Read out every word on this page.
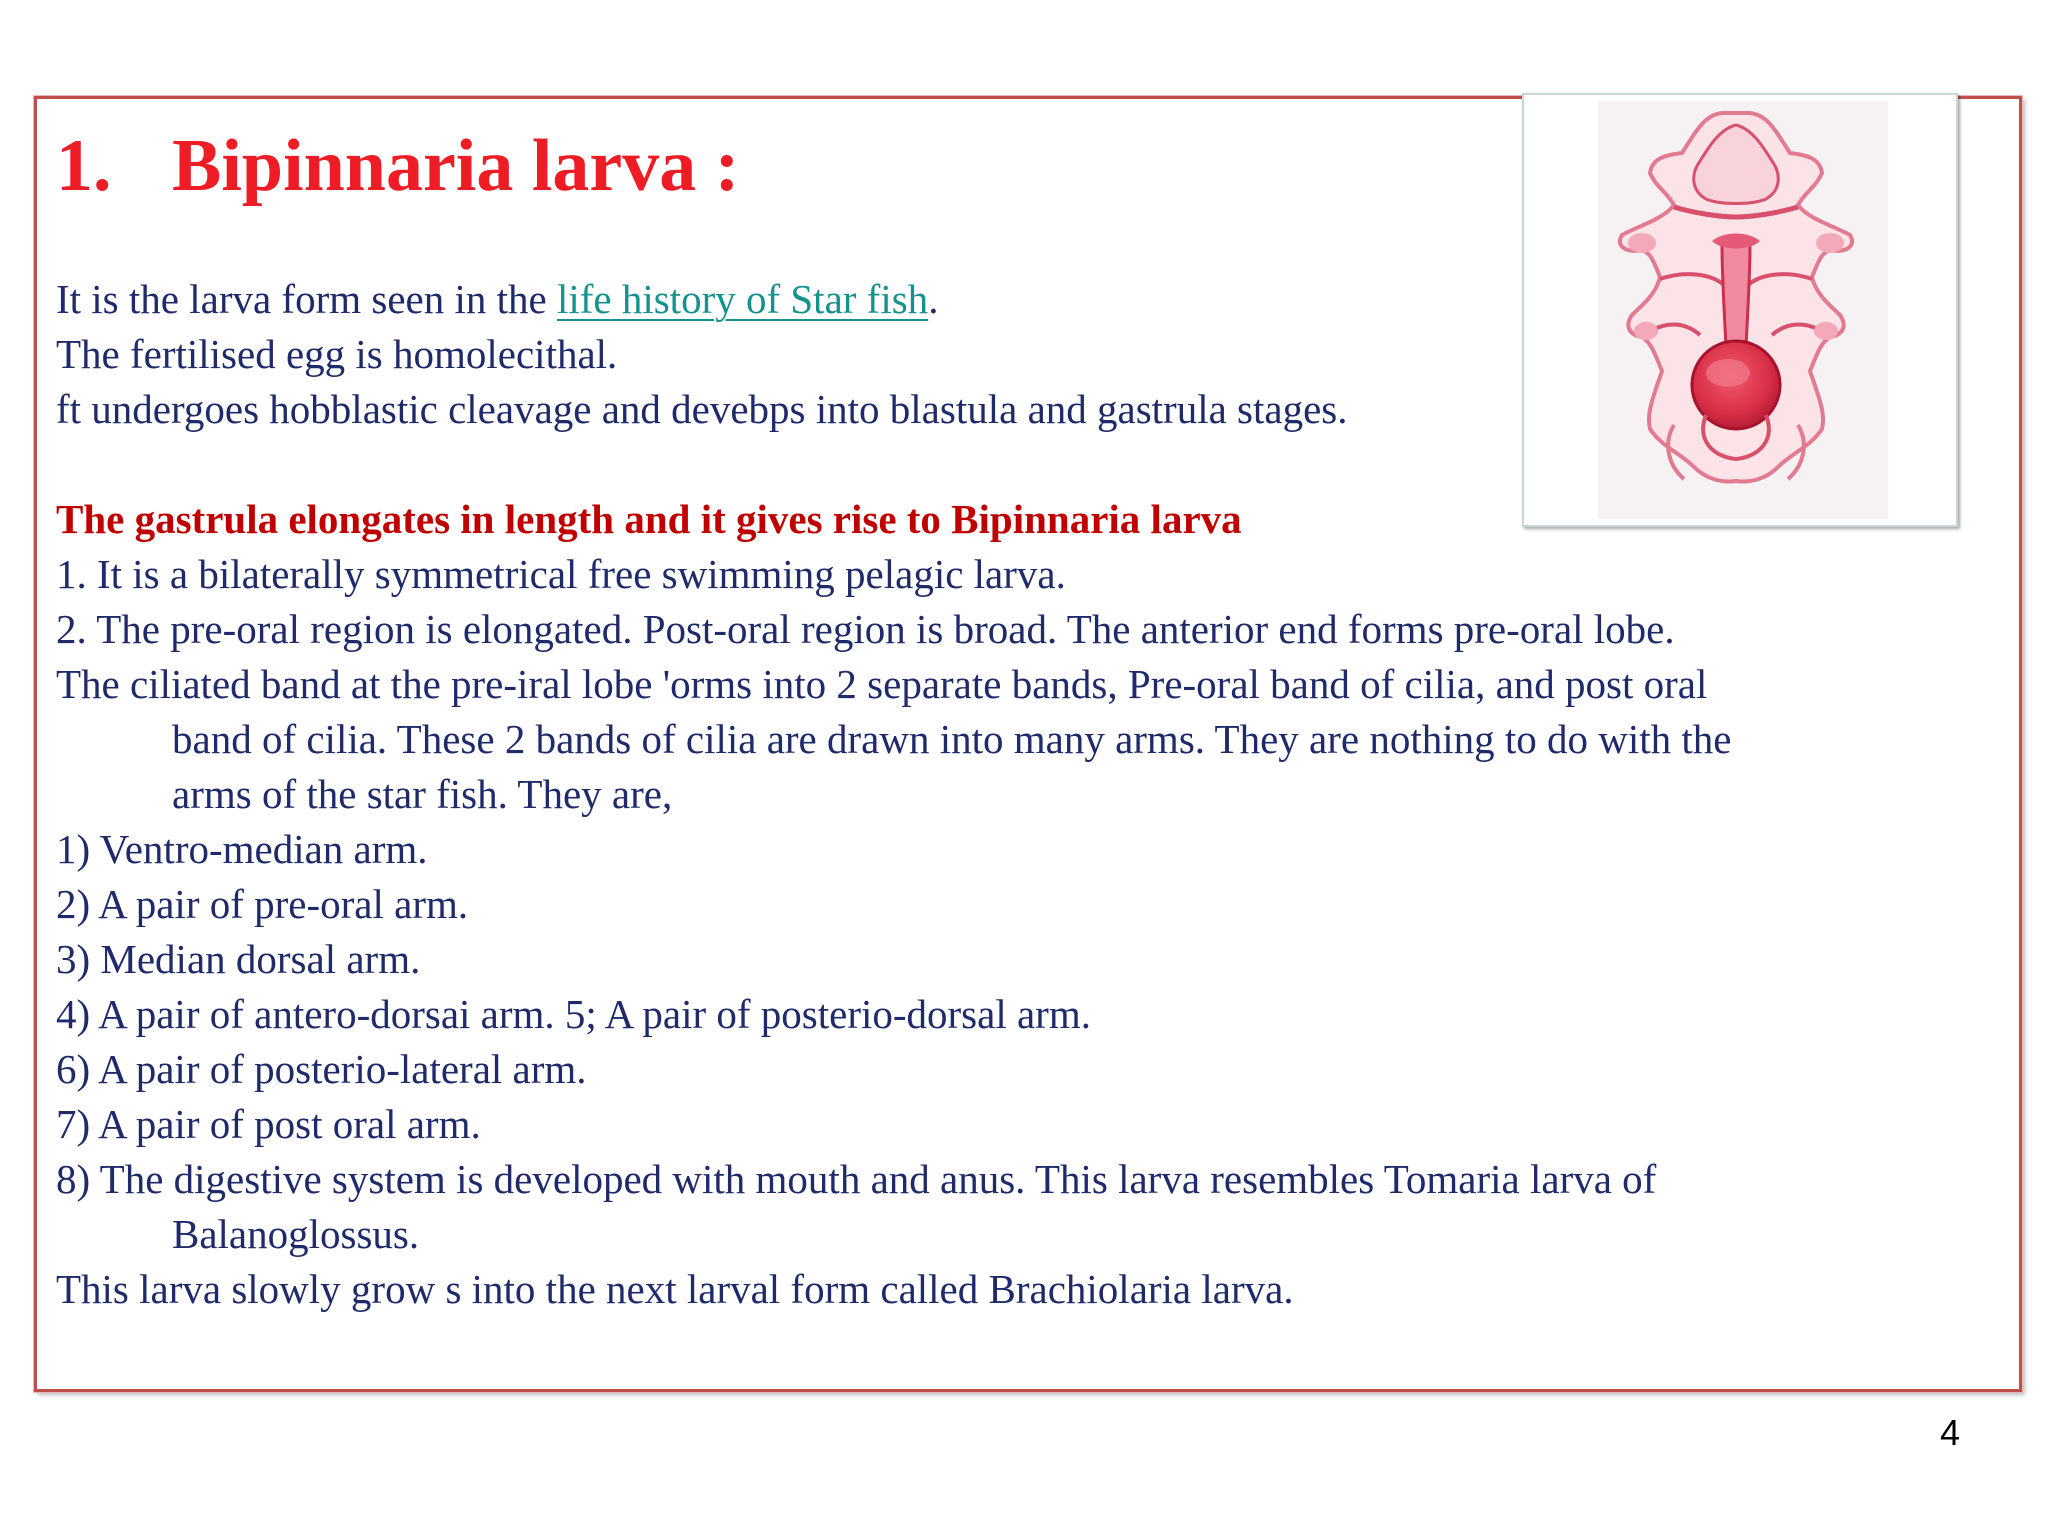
1. Bipinnaria larva :
It is the larva form seen in the life history of Star fish.
The fertilised egg is homolecithal.
ft undergoes hobblastic cleavage and devebps into blastula and gastrula stages.
The gastrula elongates in length and it gives rise to Bipinnaria larva
1. It is a bilaterally symmetrical free swimming pelagic larva.
2. The pre-oral region is elongated. Post-oral region is broad. The anterior end forms pre-oral lobe.
The ciliated band at the pre-iral lobe 'orms into 2 separate bands, Pre-oral band of cilia, and post oral
band of cilia. These 2 bands of cilia are drawn into many arms. They are nothing to do with the
arms of the star fish. They are,
1) Ventro-median arm.
2) A pair of pre-oral arm.
3) Median dorsal arm.
4) A pair of antero-dorsai arm. 5; A pair of posterio-dorsal arm.
6) A pair of posterio-lateral arm.
7) A pair of post oral arm.
8) The digestive system is developed with mouth and anus. This larva resembles Tomaria larva of
Balanoglossus.
This larva slowly grow s into the next larval form called Brachiolaria larva.
4
